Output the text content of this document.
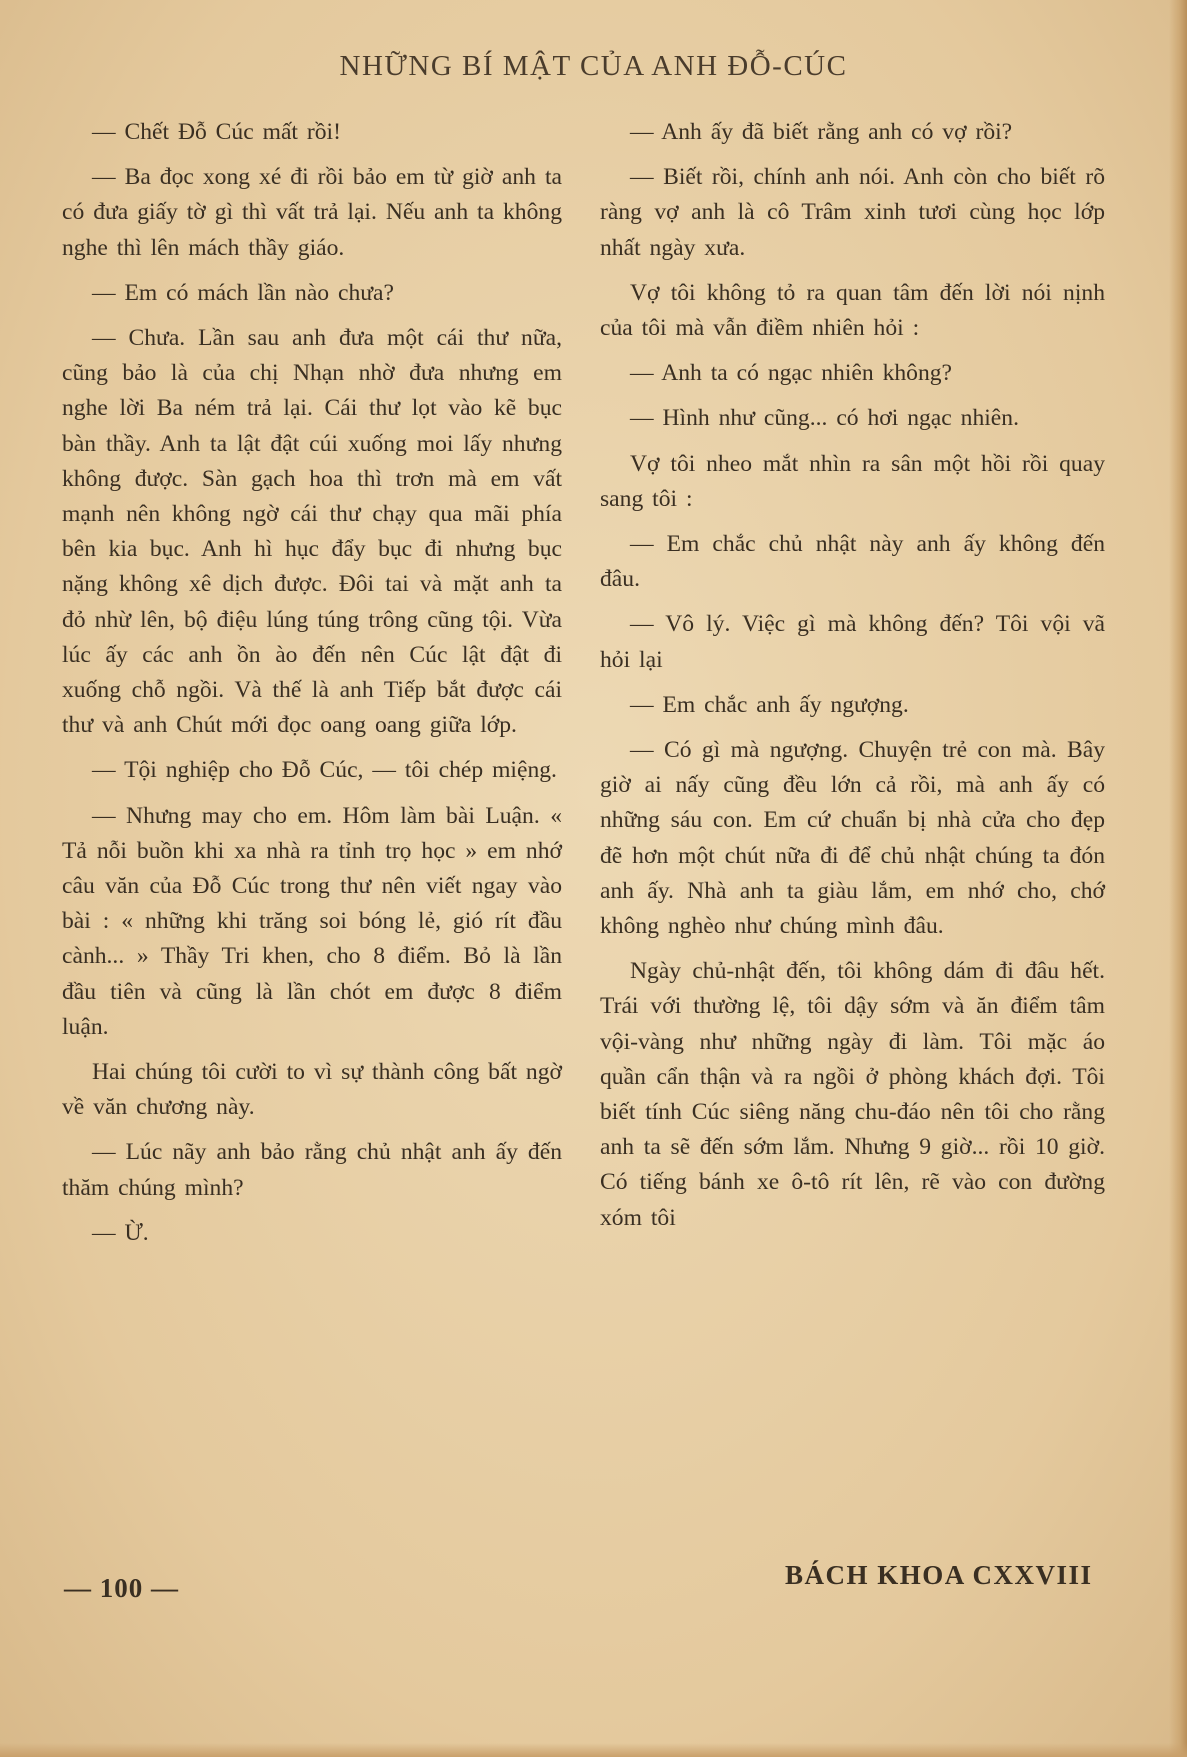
NHỮNG BÍ MẬT CỦA ANH ĐỖ-CÚC

— Chết Đỗ Cúc mất rồi!

— Ba đọc xong xé đi rồi bảo em từ giờ anh ta có đưa giấy tờ gì thì vất trả lại. Nếu anh ta không nghe thì lên mách thầy giáo.

— Em có mách lần nào chưa?

— Chưa. Lần sau anh đưa một cái thư nữa, cũng bảo là của chị Nhạn nhờ đưa nhưng em nghe lời Ba ném trả lại. Cái thư lọt vào kẽ bục bàn thầy. Anh ta lật đật cúi xuống moi lấy nhưng không được. Sàn gạch hoa thì trơn mà em vất mạnh nên không ngờ cái thư chạy qua mãi phía bên kia bục. Anh hì hục đẩy bục đi nhưng bục nặng không xê dịch được. Đôi tai và mặt anh ta đỏ nhừ lên, bộ điệu lúng túng trông cũng tội. Vừa lúc ấy các anh ồn ào đến nên Cúc lật đật đi xuống chỗ ngồi. Và thế là anh Tiếp bắt được cái thư và anh Chút mới đọc oang oang giữa lớp.

— Tội nghiệp cho Đỗ Cúc, — tôi chép miệng.

— Nhưng may cho em. Hôm làm bài Luận. « Tả nỗi buồn khi xa nhà ra tỉnh trọ học » em nhớ câu văn của Đỗ Cúc trong thư nên viết ngay vào bài : « những khi trăng soi bóng lẻ, gió rít đầu cành... » Thầy Tri khen, cho 8 điểm. Bỏ là lần đầu tiên và cũng là lần chót em được 8 điểm luận.

Hai chúng tôi cười to vì sự thành công bất ngờ về văn chương này.

— Lúc nãy anh bảo rằng chủ nhật anh ấy đến thăm chúng mình?

— Ừ.

— Anh ấy đã biết rằng anh có vợ rồi?

— Biết rồi, chính anh nói. Anh còn cho biết rõ ràng vợ anh là cô Trâm xinh tươi cùng học lớp nhất ngày xưa.

Vợ tôi không tỏ ra quan tâm đến lời nói nịnh của tôi mà vẫn điềm nhiên hỏi :

— Anh ta có ngạc nhiên không?

— Hình như cũng... có hơi ngạc nhiên.

Vợ tôi nheo mắt nhìn ra sân một hồi rồi quay sang tôi :

— Em chắc chủ nhật này anh ấy không đến đâu.

— Vô lý. Việc gì mà không đến? Tôi vội vã hỏi lại

— Em chắc anh ấy ngượng.

— Có gì mà ngượng. Chuyện trẻ con mà. Bây giờ ai nấy cũng đều lớn cả rồi, mà anh ấy có những sáu con. Em cứ chuẩn bị nhà cửa cho đẹp đẽ hơn một chút nữa đi để chủ nhật chúng ta đón anh ấy. Nhà anh ta giàu lắm, em nhớ cho, chớ không nghèo như chúng mình đâu.

Ngày chủ-nhật đến, tôi không dám đi đâu hết. Trái với thường lệ, tôi dậy sớm và ăn điểm tâm vội-vàng như những ngày đi làm. Tôi mặc áo quần cẩn thận và ra ngồi ở phòng khách đợi. Tôi biết tính Cúc siêng năng chu-đáo nên tôi cho rằng anh ta sẽ đến sớm lắm. Nhưng 9 giờ... rồi 10 giờ. Có tiếng bánh xe ô-tô rít lên, rẽ vào con đường xóm tôi

— 100 —	BÁCH KHOA CXXVIII
